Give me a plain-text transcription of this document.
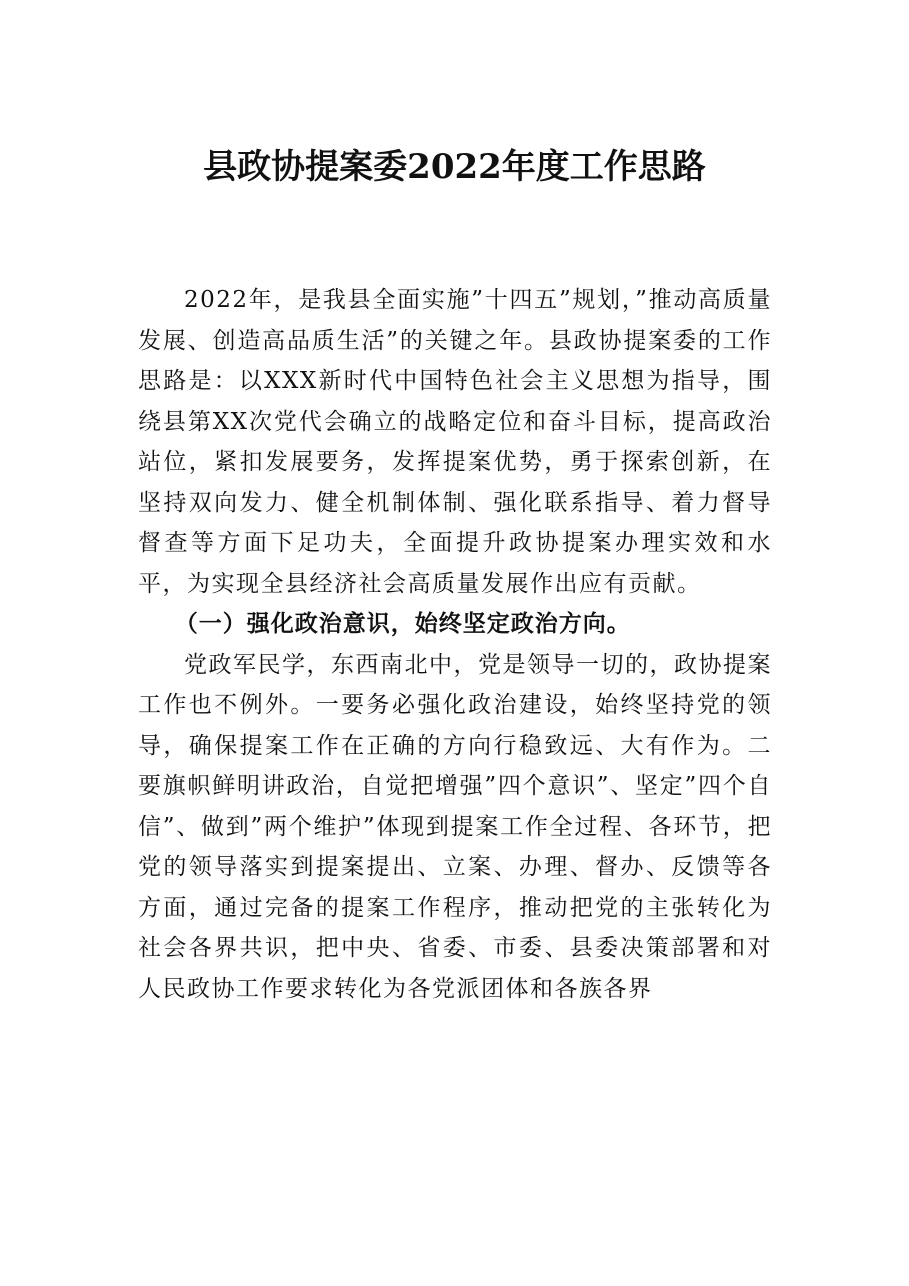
县政协提案委2022年度工作思路

2022年，是我县全面实施”十四五”规划，”推动高质量发展、创造高品质生活”的关键之年。县政协提案委的工作思路是：以XXX新时代中国特色社会主义思想为指导，围绕县第XX次党代会确立的战略定位和奋斗目标，提高政治站位，紧扣发展要务，发挥提案优势，勇于探索创新，在坚持双向发力、健全机制体制、强化联系指导、着力督导督查等方面下足功夫，全面提升政协提案办理实效和水平，为实现全县经济社会高质量发展作出应有贡献。

（一）强化政治意识，始终坚定政治方向。

党政军民学，东西南北中，党是领导一切的，政协提案工作也不例外。一要务必强化政治建设，始终坚持党的领导，确保提案工作在正确的方向行稳致远、大有作为。二要旗帜鲜明讲政治，自觉把增强”四个意识”、坚定”四个自信”、做到”两个维护”体现到提案工作全过程、各环节，把党的领导落实到提案提出、立案、办理、督办、反馈等各方面，通过完备的提案工作程序，推动把党的主张转化为社会各界共识，把中央、省委、市委、县委决策部署和对人民政协工作要求转化为各党派团体和各族各界
